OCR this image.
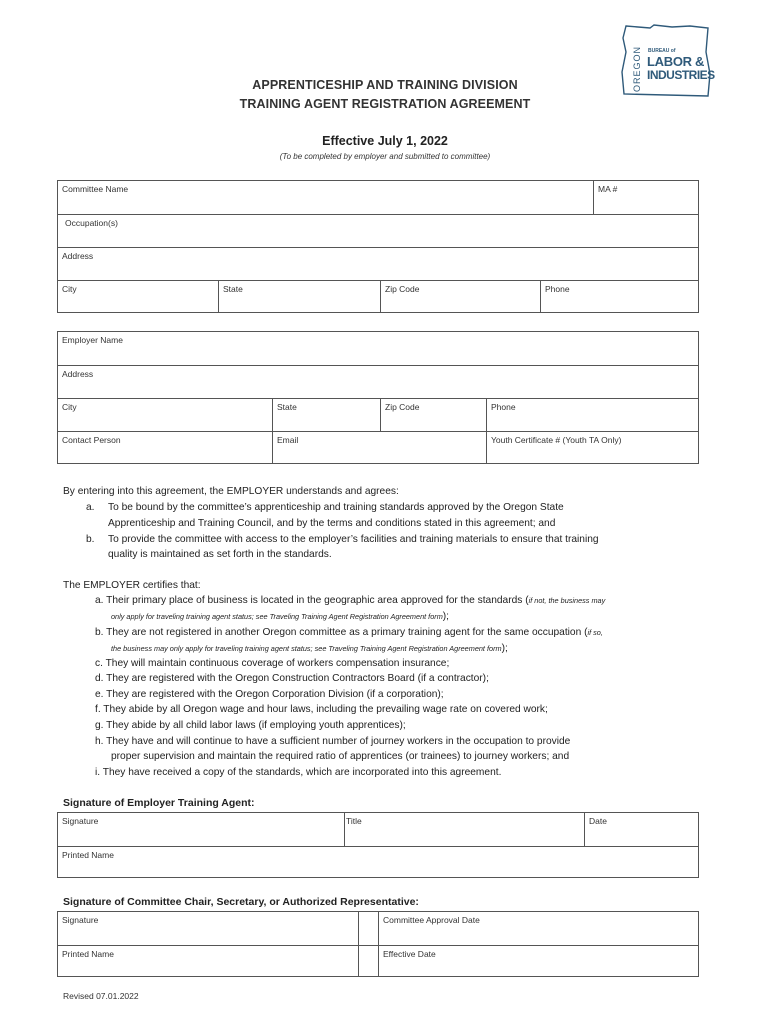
OREGON BUREAU of
LABOR &
INDUSTRIES
APPRENTICESHIP AND TRAINING DIVISION
TRAINING AGENT REGISTRATION AGREEMENT
Effective July 1, 2022
(To be completed by employer and submitted to committee)
Committee Name	MA #
Occupation(s)
Address
City	State	Zip Code	Phone
Employer Name
Address
City	State	Zip Code	Phone
Contact Person	Email	Youth Certificate # (Youth TA Only)
By entering into this agreement, the EMPLOYER understands and agrees:
a. To be bound by the committee’s apprenticeship and training standards approved by the Oregon State
Apprenticeship and Training Council, and by the terms and conditions stated in this agreement; and
b. To provide the committee with access to the employer’s facilities and training materials to ensure that training
quality is maintained as set forth in the standards.
The EMPLOYER certifies that:
a. Their primary place of business is located in the geographic area approved for the standards (if not, the business may
only apply for traveling training agent status; see Traveling Training Agent Registration Agreement form);
b. They are not registered in another Oregon committee as a primary training agent for the same occupation (if so,
the business may only apply for traveling training agent status; see Traveling Training Agent Registration Agreement form);
c. They will maintain continuous coverage of workers compensation insurance;
d. They are registered with the Oregon Construction Contractors Board (if a contractor);
e. They are registered with the Oregon Corporation Division (if a corporation);
f. They abide by all Oregon wage and hour laws, including the prevailing wage rate on covered work;
g. They abide by all child labor laws (if employing youth apprentices);
h. They have and will continue to have a sufficient number of journey workers in the occupation to provide
proper supervision and maintain the required ratio of apprentices (or trainees) to journey workers; and
i. They have received a copy of the standards, which are incorporated into this agreement.
Signature of Employer Training Agent:
Signature	Title	Date
Printed Name
Signature of Committee Chair, Secretary, or Authorized Representative:
Signature	Committee Approval Date
Printed Name	Effective Date
Revised 07.01.2022
